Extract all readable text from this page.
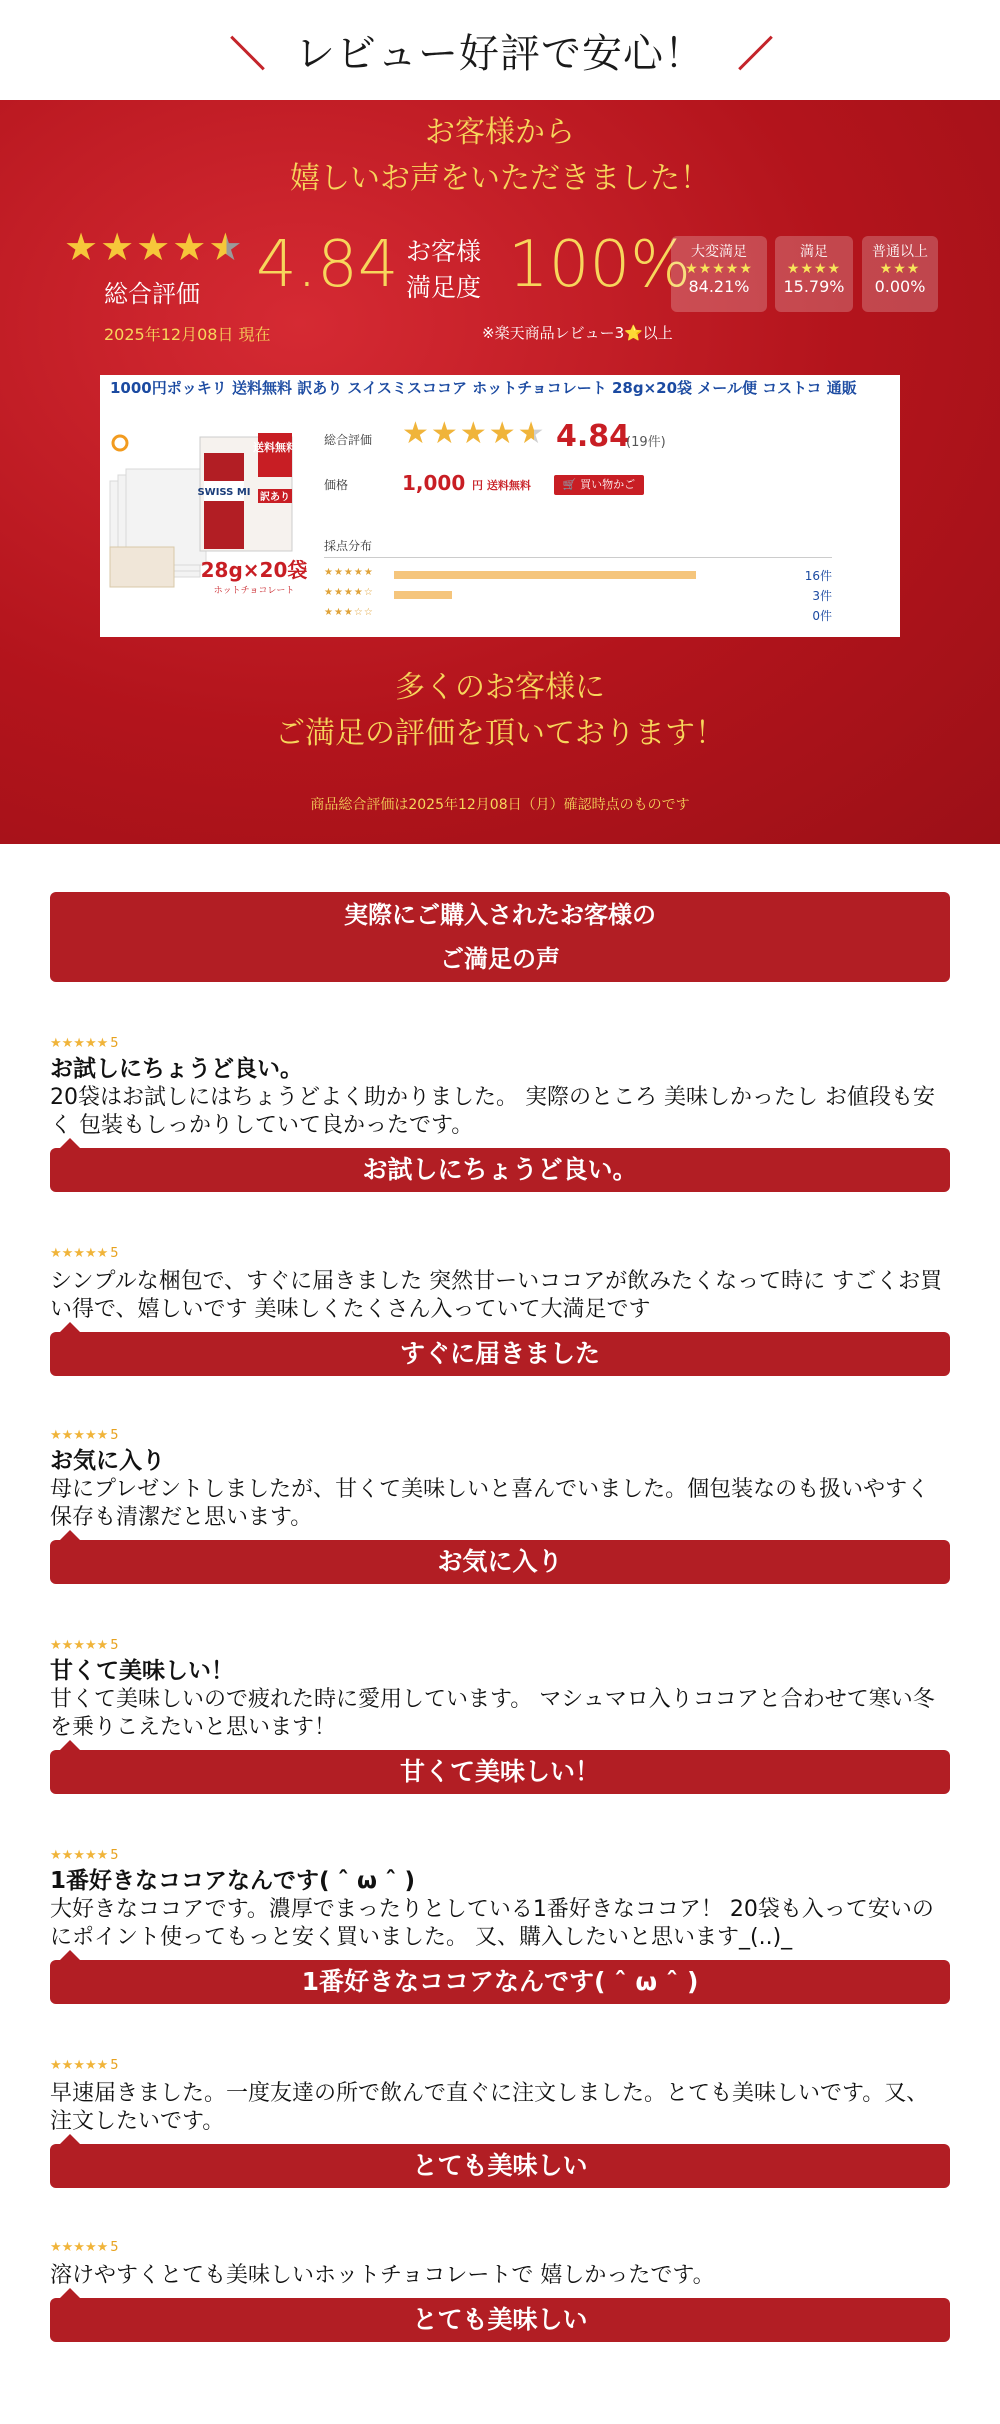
レビュー好評で安心！
お客様から
嬉しいお声をいただきました！
★ ★ ★ ★ ★
総合評価
2025年12月08日 現在
4.84 お客様
満足度 100% 大変満足
★★★★★
84.21%
満足
★★★★
15.79%
普通以上
★★★
0.00%
※楽天商品レビュー3⭐以上
1000円ポッキリ 送料無料 訳あり スイスミスココア ホットチョコレート 28g×20袋 メール便 コストコ 通販
SWISS MI
送料無料
訳あり
28g×20袋
ホットチョコレート
総合評価 ★ ★ ★ ★ ★ 4.84
(19件)
価格	1,000 円 送料無料	🛒 買い物かご
採点分布
★★★★★	16件
★★★★☆	3件
★★★☆☆	0件
多くのお客様に
ご満足の評価を頂いております！
商品総合評価は2025年12月08日（月）確認時点のものです
実際にご購入されたお客様の
ご満足の声
★★★★★ 5
お試しにちょうど良い。
20袋はお試しにはちょうどよく助かりました。 実際のところ 美味しかったし お値段も安く 包装もしっかりしていて良かったです。
お試しにちょうど良い。
★★★★★ 5
シンプルな梱包で、すぐに届きました 突然甘ーいココアが飲みたくなって時に すごくお買い得で、嬉しいです 美味しくたくさん入っていて大満足です
すぐに届きました
★★★★★ 5
お気に入り
母にプレゼントしましたが、甘くて美味しいと喜んでいました。個包装なのも扱いやすく保存も清潔だと思います。
お気に入り
★★★★★ 5
甘くて美味しい！
甘くて美味しいので疲れた時に愛用しています。 マシュマロ入りココアと合わせて寒い冬を乗りこえたいと思います！
甘くて美味しい！
★★★★★ 5
1番好きなココアなんです( ˆ ω ˆ )
大好きなココアです。濃厚でまったりとしている1番好きなココア！ 20袋も入って安いのにポイント使ってもっと安く買いました。 又、購入したいと思います_(..)_
1番好きなココアなんです( ˆ ω ˆ )
★★★★★ 5
早速届きました。一度友達の所で飲んで直ぐに注文しました。とても美味しいです。又、注文したいです。
とても美味しい
★★★★★ 5
溶けやすくとても美味しいホットチョコレートで 嬉しかったです。
とても美味しい
